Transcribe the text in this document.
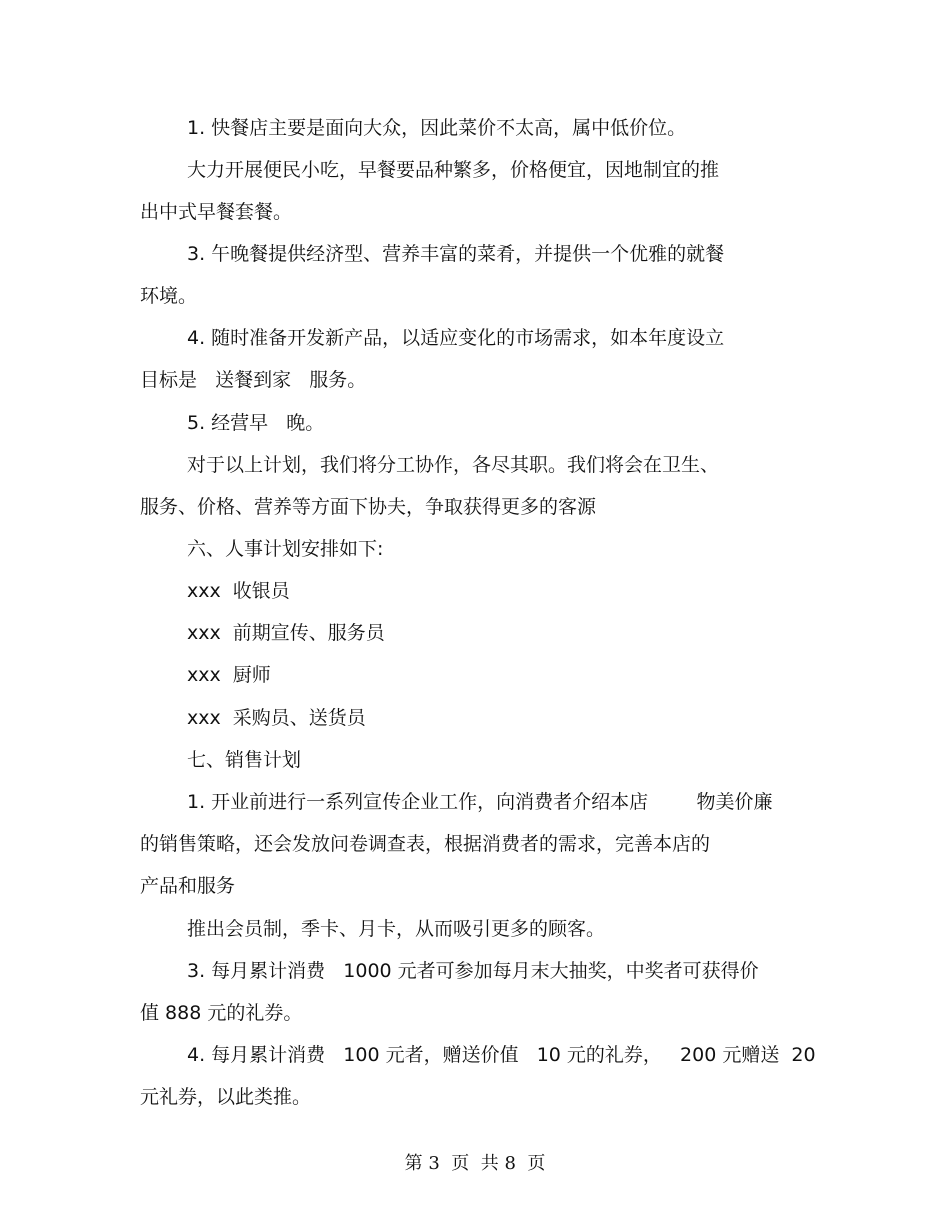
1. 快餐店主要是面向大众，因此菜价不太高，属中低价位。
大力开展便民小吃，早餐要品种繁多，价格便宜，因地制宜的推
出中式早餐套餐。
3. 午晚餐提供经济型、营养丰富的菜肴，并提供一个优雅的就餐
环境。
4. 随时准备开发新产品，以适应变化的市场需求，如本年度设立
目标是   送餐到家   服务。
5. 经营早   晚。
对于以上计划，我们将分工协作，各尽其职。我们将会在卫生、
服务、价格、营养等方面下协夫，争取获得更多的客源
六、人事计划安排如下:
xxx  收银员
xxx  前期宣传、服务员
xxx  厨师
xxx  采购员、送货员
七、销售计划
1. 开业前进行一系列宣传企业工作，向消费者介绍本店        物美价廉
的销售策略，还会发放问卷调查表，根据消费者的需求，完善本店的
产品和服务
推出会员制，季卡、月卡，从而吸引更多的顾客。
3. 每月累计消费   1000 元者可参加每月末大抽奖，中奖者可获得价
值 888 元的礼券。
4. 每月累计消费   100 元者，赠送价值   10 元的礼券，   200 元赠送  20
元礼券，以此类推。
第 3  页  共 8  页
